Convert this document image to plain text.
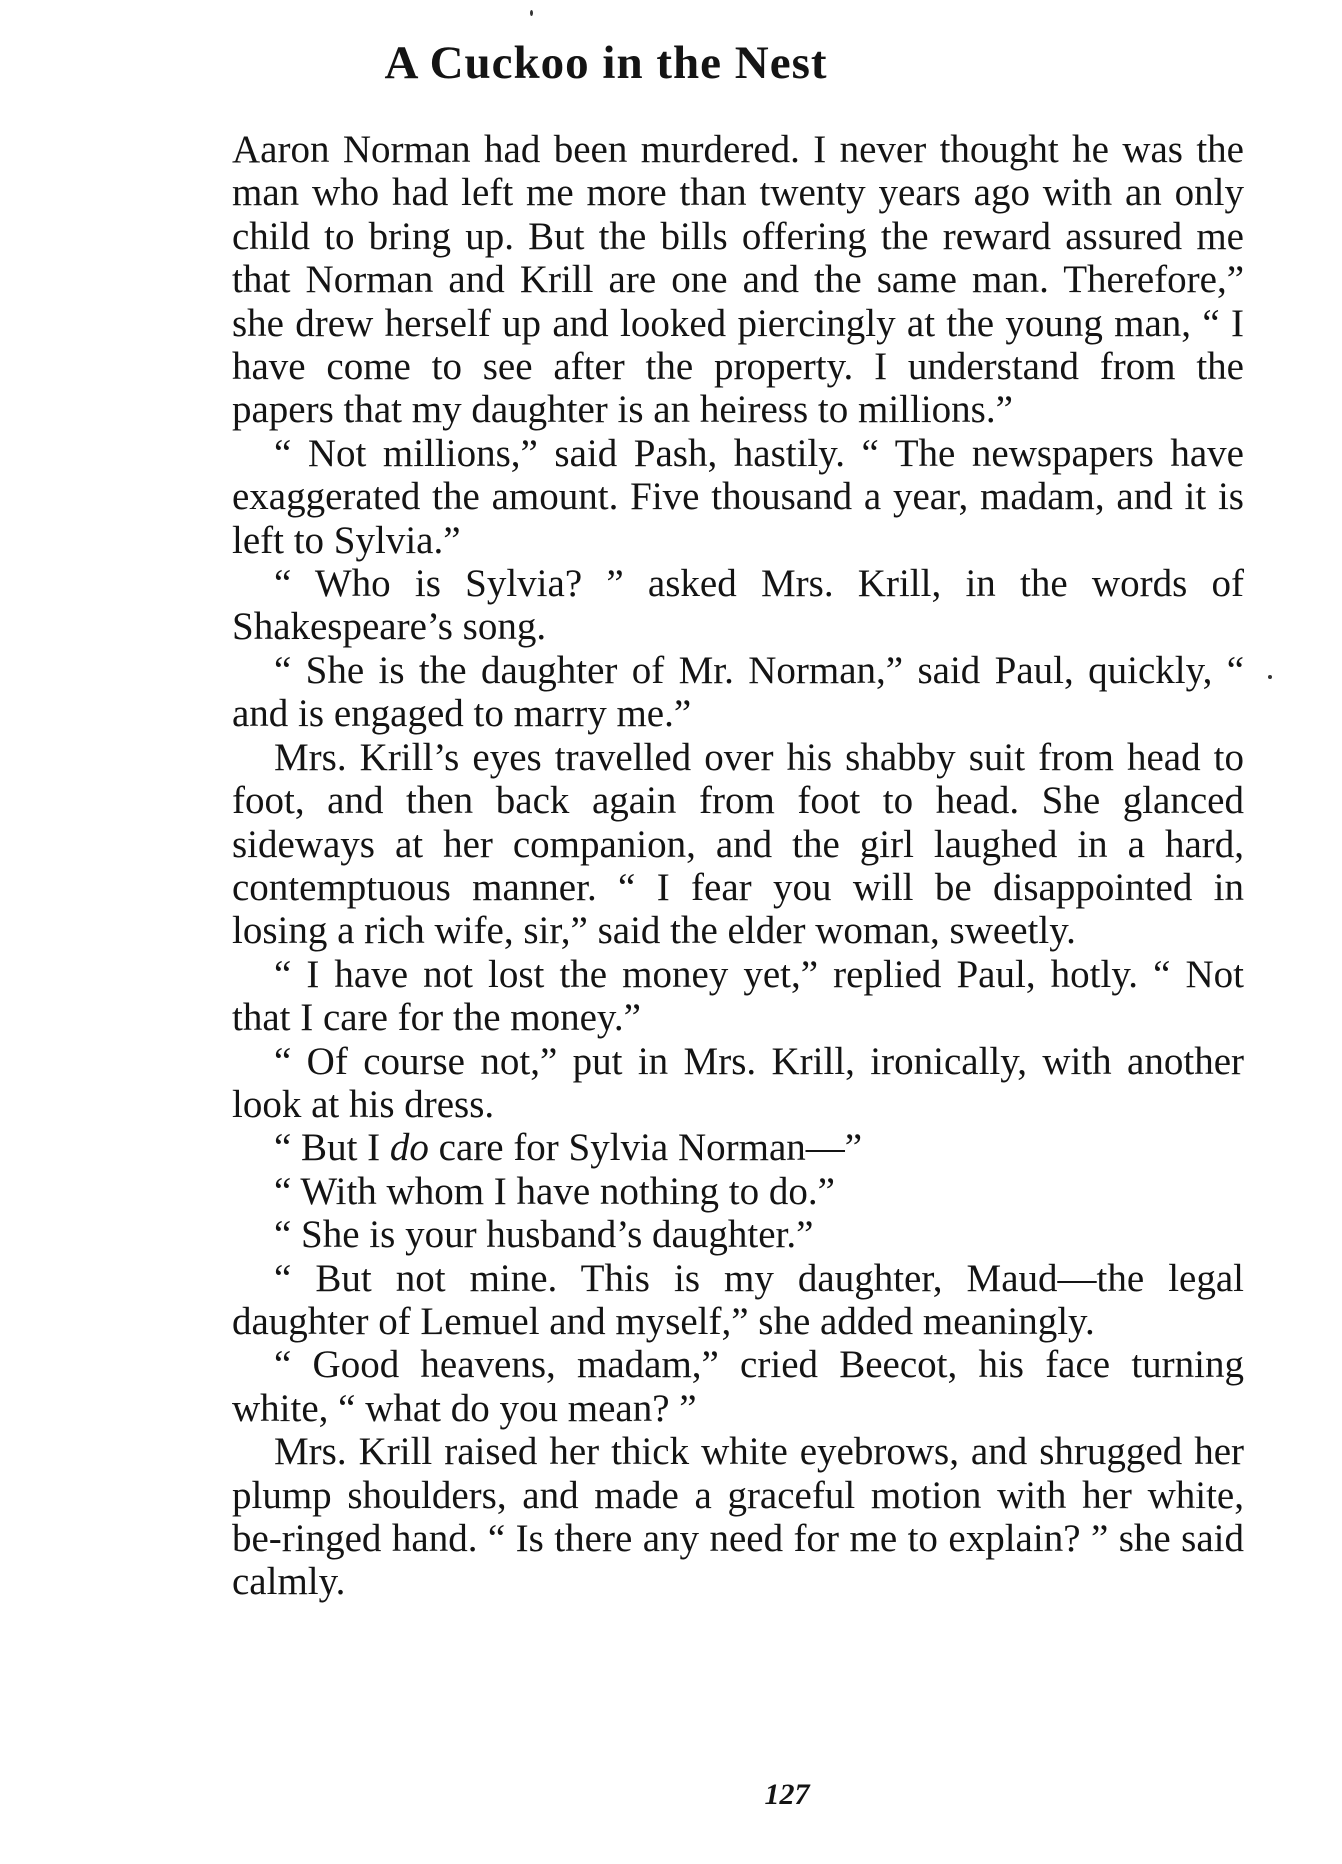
A Cuckoo in the Nest

Aaron Norman had been murdered. I never thought he was the man who had left me more than twenty years ago with an only child to bring up. But the bills offering the reward assured me that Norman and Krill are one and the same man. Therefore,” she drew herself up and looked piercingly at the young man, “ I have come to see after the property. I understand from the papers that my daughter is an heiress to millions.”

“ Not millions,” said Pash, hastily. “ The newspapers have exaggerated the amount. Five thousand a year, madam, and it is left to Sylvia.”

“ Who is Sylvia? ” asked Mrs. Krill, in the words of Shakespeare’s song.

“ She is the daughter of Mr. Norman,” said Paul, quickly, “ and is engaged to marry me.”

Mrs. Krill’s eyes travelled over his shabby suit from head to foot, and then back again from foot to head. She glanced sideways at her companion, and the girl laughed in a hard, contemptuous manner. “ I fear you will be disappointed in losing a rich wife, sir,” said the elder woman, sweetly.

“ I have not lost the money yet,” replied Paul, hotly. “ Not that I care for the money.”

“ Of course not,” put in Mrs. Krill, ironically, with another look at his dress.

“ But I do care for Sylvia Norman—”

“ With whom I have nothing to do.”

“ She is your husband’s daughter.”

“ But not mine. This is my daughter, Maud—the legal daughter of Lemuel and myself,” she added meaningly.

“ Good heavens, madam,” cried Beecot, his face turning white, “ what do you mean? ”

Mrs. Krill raised her thick white eyebrows, and shrugged her plump shoulders, and made a graceful motion with her white, be-ringed hand. “ Is there any need for me to explain? ” she said calmly.

127
